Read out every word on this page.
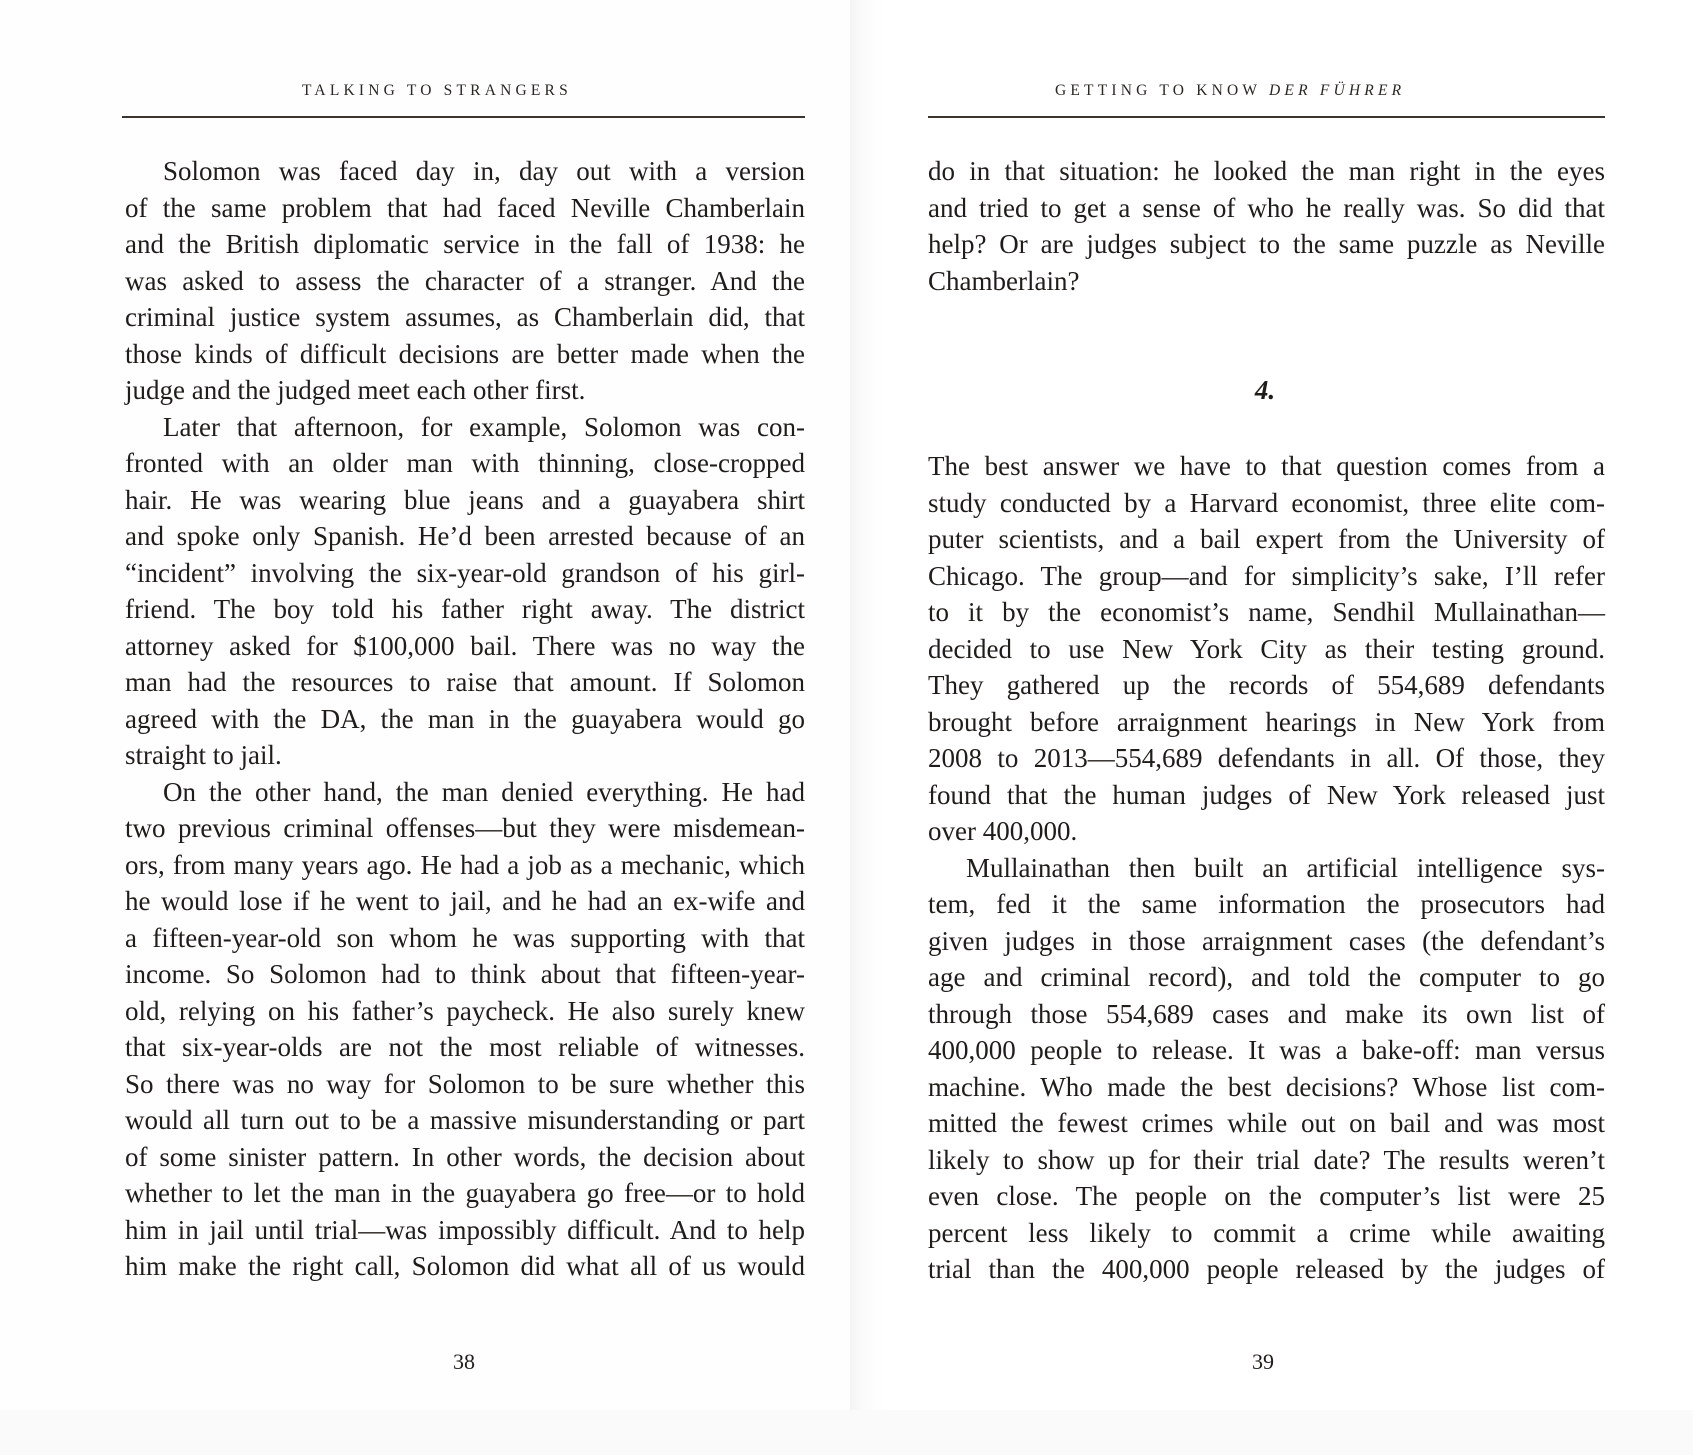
TALKING TO STRANGERS
Solomon was faced day in, day out with a version
of the same problem that had faced Neville Chamberlain
and the British diplomatic service in the fall of 1938: he
was asked to assess the character of a stranger. And the
criminal justice system assumes, as Chamberlain did, that
those kinds of difficult decisions are better made when the
judge and the judged meet each other first.
Later that afternoon, for example, Solomon was con-
fronted with an older man with thinning, close-cropped
hair. He was wearing blue jeans and a guayabera shirt
and spoke only Spanish. He’d been arrested because of an
“incident” involving the six-year-old grandson of his girl-
friend. The boy told his father right away. The district
attorney asked for $100,000 bail. There was no way the
man had the resources to raise that amount. If Solomon
agreed with the DA, the man in the guayabera would go
straight to jail.
On the other hand, the man denied everything. He had
two previous criminal offenses—but they were misdemean-
ors, from many years ago. He had a job as a mechanic, which
he would lose if he went to jail, and he had an ex-wife and
a fifteen-year-old son whom he was supporting with that
income. So Solomon had to think about that fifteen-year-
old, relying on his father’s paycheck. He also surely knew
that six-year-olds are not the most reliable of witnesses.
So there was no way for Solomon to be sure whether this
would all turn out to be a massive misunderstanding or part
of some sinister pattern. In other words, the decision about
whether to let the man in the guayabera go free—or to hold
him in jail until trial—was impossibly difficult. And to help
him make the right call, Solomon did what all of us would
38
GETTING TO KNOW DER FÜHRER
do in that situation: he looked the man right in the eyes
and tried to get a sense of who he really was. So did that
help? Or are judges subject to the same puzzle as Neville
Chamberlain?
4.
The best answer we have to that question comes from a
study conducted by a Harvard economist, three elite com-
puter scientists, and a bail expert from the University of
Chicago. The group—and for simplicity’s sake, I’ll refer
to it by the economist’s name, Sendhil Mullainathan—
decided to use New York City as their testing ground.
They gathered up the records of 554,689 defendants
brought before arraignment hearings in New York from
2008 to 2013—554,689 defendants in all. Of those, they
found that the human judges of New York released just
over 400,000.
Mullainathan then built an artificial intelligence sys-
tem, fed it the same information the prosecutors had
given judges in those arraignment cases (the defendant’s
age and criminal record), and told the computer to go
through those 554,689 cases and make its own list of
400,000 people to release. It was a bake-off: man versus
machine. Who made the best decisions? Whose list com-
mitted the fewest crimes while out on bail and was most
likely to show up for their trial date? The results weren’t
even close. The people on the computer’s list were 25
percent less likely to commit a crime while awaiting
trial than the 400,000 people released by the judges of
39
